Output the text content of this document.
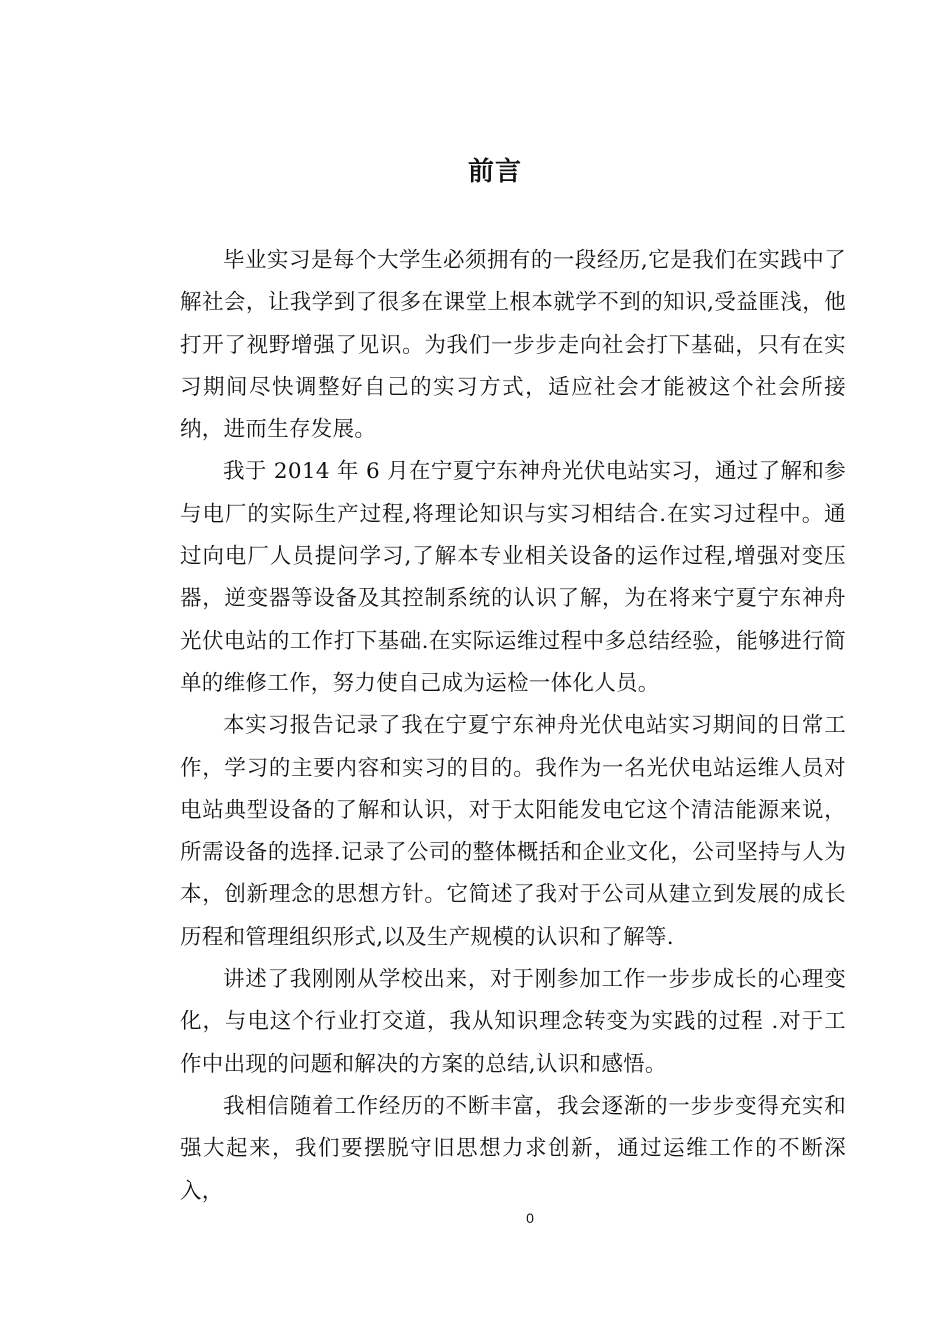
前言

毕业实习是每个大学生必须拥有的一段经历,它是我们在实践中了解社会，让我学到了很多在课堂上根本就学不到的知识,受益匪浅，他打开了视野增强了见识。为我们一步步走向社会打下基础，只有在实习期间尽快调整好自己的实习方式，适应社会才能被这个社会所接纳，进而生存发展。

我于 2014 年 6 月在宁夏宁东神舟光伏电站实习，通过了解和参与电厂的实际生产过程,将理论知识与实习相结合.在实习过程中。通过向电厂人员提问学习,了解本专业相关设备的运作过程,增强对变压器，逆变器等设备及其控制系统的认识了解，为在将来宁夏宁东神舟光伏电站的工作打下基础.在实际运维过程中多总结经验，能够进行简单的维修工作，努力使自己成为运检一体化人员。

本实习报告记录了我在宁夏宁东神舟光伏电站实习期间的日常工作，学习的主要内容和实习的目的。我作为一名光伏电站运维人员对电站典型设备的了解和认识，对于太阳能发电它这个清洁能源来说，所需设备的选择.记录了公司的整体概括和企业文化，公司坚持与人为本，创新理念的思想方针。它简述了我对于公司从建立到发展的成长历程和管理组织形式,以及生产规模的认识和了解等.

讲述了我刚刚从学校出来，对于刚参加工作一步步成长的心理变化，与电这个行业打交道，我从知识理念转变为实践的过程 .对于工作中出现的问题和解决的方案的总结,认识和感悟。

我相信随着工作经历的不断丰富，我会逐渐的一步步变得充实和强大起来，我们要摆脱守旧思想力求创新，通过运维工作的不断深入，

0
